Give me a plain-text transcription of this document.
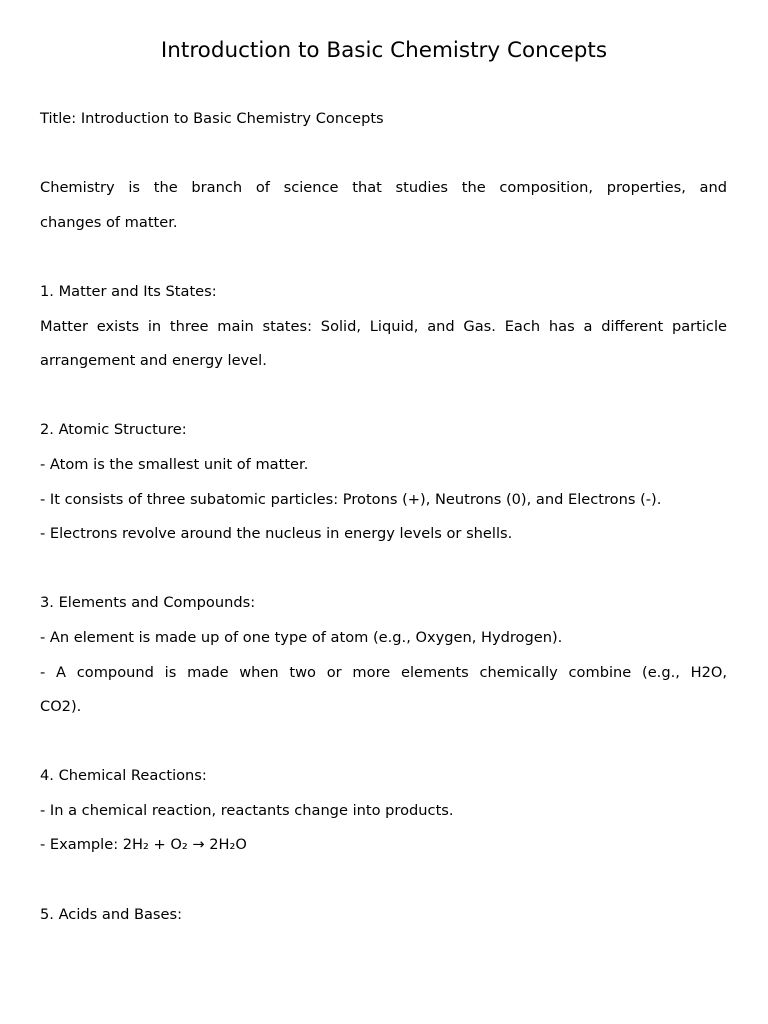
Introduction to Basic Chemistry Concepts

Title: Introduction to Basic Chemistry Concepts

Chemistry is the branch of science that studies the composition, properties, and

changes of matter.

1. Matter and Its States:

Matter exists in three main states: Solid, Liquid, and Gas. Each has a different particle

arrangement and energy level.

2. Atomic Structure:

- Atom is the smallest unit of matter.

- It consists of three subatomic particles: Protons (+), Neutrons (0), and Electrons (-).

- Electrons revolve around the nucleus in energy levels or shells.

3. Elements and Compounds:

- An element is made up of one type of atom (e.g., Oxygen, Hydrogen).

- A compound is made when two or more elements chemically combine (e.g., H2O,

CO2).

4. Chemical Reactions:

- In a chemical reaction, reactants change into products.

- Example: 2H₂ + O₂ → 2H₂O

5. Acids and Bases:
